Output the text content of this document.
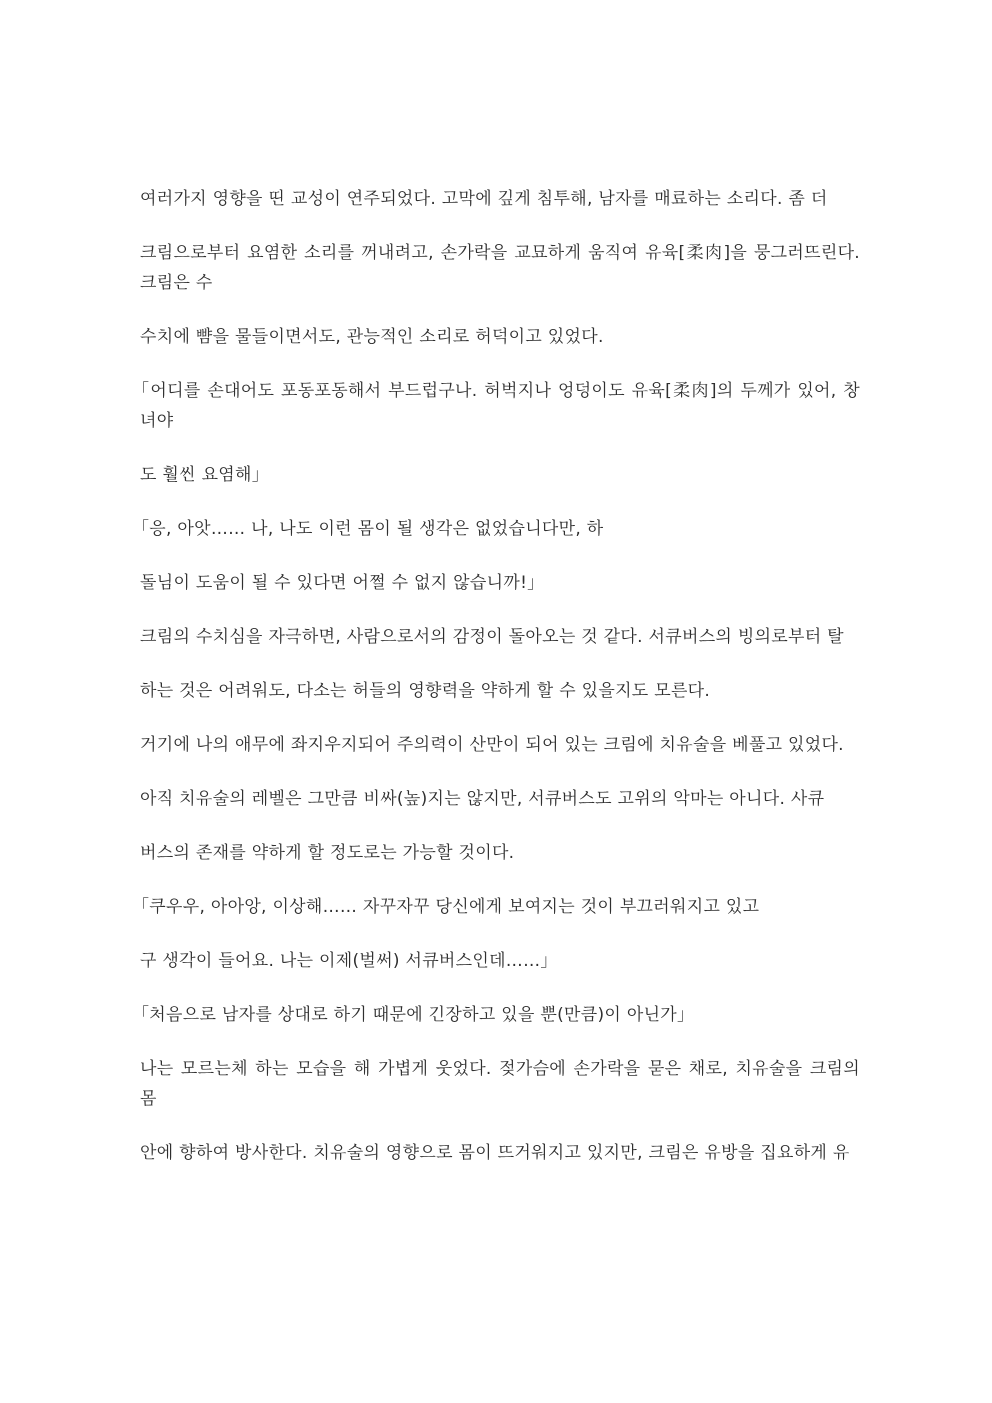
여러가지 영향을 띤 교성이 연주되었다. 고막에 깊게 침투해, 남자를 매료하는 소리다. 좀 더

크림으로부터 요염한 소리를 꺼내려고, 손가락을 교묘하게 움직여 유육[柔肉]을 뭉그러뜨린다. 크림은 수

수치에 뺨을 물들이면서도, 관능적인 소리로 허덕이고 있었다.

「어디를 손대어도 포동포동해서 부드럽구나. 허벅지나 엉덩이도 유육[柔肉]의 두께가 있어, 창녀야

도 훨씬 요염해」

「응, 아앗…… 나, 나도 이런 몸이 될 생각은 없었습니다만, 하

돌님이 도움이 될 수 있다면 어쩔 수 없지 않습니까!」

크림의 수치심을 자극하면, 사람으로서의 감정이 돌아오는 것 같다. 서큐버스의 빙의로부터 탈

하는 것은 어려워도, 다소는 허들의 영향력을 약하게 할 수 있을지도 모른다.

거기에 나의 애무에 좌지우지되어 주의력이 산만이 되어 있는 크림에 치유술을 베풀고 있었다.

아직 치유술의 레벨은 그만큼 비싸(높)지는 않지만, 서큐버스도 고위의 악마는 아니다. 사큐

버스의 존재를 약하게 할 정도로는 가능할 것이다.

「쿠우우, 아아앙, 이상해…… 자꾸자꾸 당신에게 보여지는 것이 부끄러워지고 있고

구 생각이 들어요. 나는 이제(벌써) 서큐버스인데……」

「처음으로 남자를 상대로 하기 때문에 긴장하고 있을 뿐(만큼)이 아닌가」

나는 모르는체 하는 모습을 해 가볍게 웃었다. 젖가슴에 손가락을 묻은 채로, 치유술을 크림의 몸

안에 향하여 방사한다. 치유술의 영향으로 몸이 뜨거워지고 있지만, 크림은 유방을 집요하게 유
